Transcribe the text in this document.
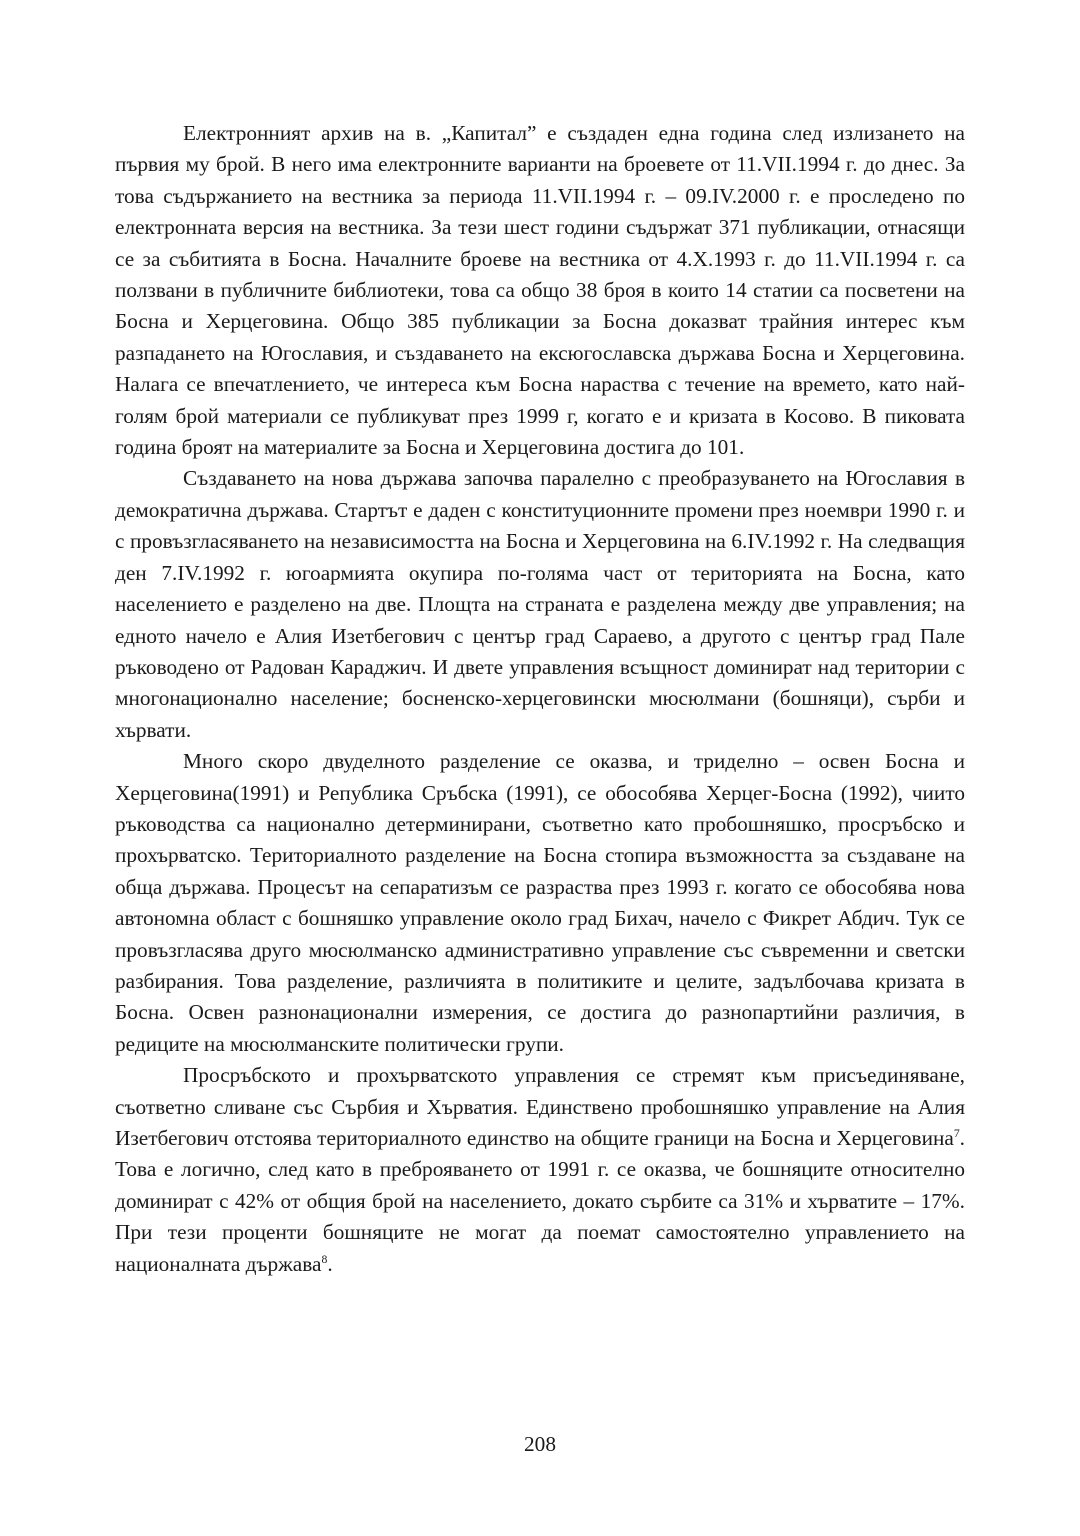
Електронният архив на в. „Капитал” е създаден една година след излизането на първия му брой. В него има електронните варианти на броевете от 11.VII.1994 г. до днес. За това съдържанието на вестника за периода 11.VII.1994 г. – 09.IV.2000 г. е проследено по електронната версия на вестника. За тези шест години съдържат 371 публикации, отнасящи се за събитията в Босна. Началните броеве на вестника от 4.X.1993 г. до 11.VII.1994 г. са ползвани в публичните библиотеки, това са общо 38 броя в които 14 статии са посветени на Босна и Херцеговина. Общо 385 публикации за Босна доказват трайния интерес към разпадането на Югославия, и създаването на ексюгославска държава Босна и Херцеговина. Налага се впечатлението, че интереса към Босна нараства с течение на времето, като най-голям брой материали се публикуват през 1999 г, когато е и кризата в Косово. В пиковата година броят на материалите за Босна и Херцеговина достига до 101.

Създаването на нова държава започва паралелно с преобразуването на Югославия в демократична държава. Стартът е даден с конституционните промени през ноември 1990 г. и с провъзгласяването на независимостта на Босна и Херцеговина на 6.IV.1992 г. На следващия ден 7.IV.1992 г. югоармията окупира по-голяма част от територията на Босна, като населението е разделено на две. Площта на страната е разделена между две управления; на едното начело е Алия Изетбегович с център град Сараево, а другото с център град Пале ръководено от Радован Караджич. И двете управления всъщност доминират над територии с многонационално население; босненско-херцеговински мюсюлмани (бошняци), сърби и хървати.

Много скоро двуделното разделение се оказва, и триделно – освен Босна и Херцеговина(1991) и Република Сръбска (1991), се обособява Херцег-Босна (1992), чиито ръководства са национално детерминирани, съответно като пробошняшко, просръбско и прохърватско. Териториалното разделение на Босна стопира възможността за създаване на обща държава. Процесът на сепаратизъм се разраства през 1993 г. когато се обособява нова автономна област с бошняшко управление около град Бихач, начело с Фикрет Абдич. Тук се провъзгласява друго мюсюлманско административно управление със съвременни и светски разбирания. Това разделение, различията в политиките и целите, задълбочава кризата в Босна. Освен разнонационални измерения, се достига до разнопартийни различия, в редиците на мюсюлманските политически групи.

Просръбското и прохърватското управления се стремят към присъединяване, съответно сливане със Сърбия и Хърватия. Единствено пробошняшко управление на Алия Изетбегович отстоява териториалното единство на общите граници на Босна и Херцеговина$^7$. Това е логично, след като в преброяването от 1991 г. се оказва, че бошняците относително доминират с 42% от общия брой на населението, докато сърбите са 31% и хърватите – 17%. При тези проценти бошняците не могат да поемат самостоятелно управлението на националната държава$^8$.

208
